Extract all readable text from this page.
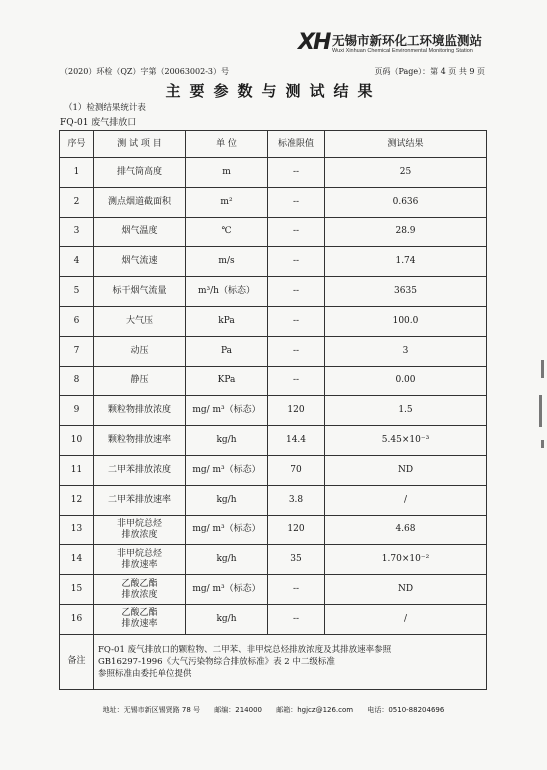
XH 无锡市新环化工环境监测站
Wuxi Xinhuan Chemical Environmental Monitoring Station
（2020）环检（QZ）字第（20063002-3）号	页码（Page）：第 4 页 共 9 页
主要参数与测试结果
（1）检测结果统计表
FQ-01 废气排放口
序号	测 试 项 目	单 位	标准限值	测试结果

1	排气筒高度	m	--	25

2	测点烟道截面积	m²	--	0.636

3	烟气温度	℃	--	28.9

4	烟气流速	m/s	--	1.74

5	标干烟气流量	m³/h（标态）	--	3635

6	大气压	kPa	--	100.0

7	动压	Pa	--	3

8	静压	KPa	--	0.00

9	颗粒物排放浓度	mg/ m³（标态）	120	1.5

10	颗粒物排放速率	kg/h	14.4	5.45×10⁻³

11	二甲苯排放浓度	mg/ m³（标态）	70	ND

12	二甲苯排放速率	kg/h	3.8	/

13	非甲烷总烃
排放浓度	mg/ m³（标态）	120	4.68

14	非甲烷总烃
排放速率	kg/h	35	1.70×10⁻²

15	乙酸乙酯
排放浓度	mg/ m³（标态）	--	ND

16	乙酸乙酯
排放速率	kg/h	--	/

备注	FQ-01 废气排放口的颗粒物、二甲苯、非甲烷总烃排放浓度及其排放速率参照
GB16297-1996《大气污染物综合排放标准》表 2 中二级标准
参照标准由委托单位提供			
地址：无锡市新区锡贤路 78 号 邮编：214000 邮箱：hgjcz@126.com 电话：0510-88204696
